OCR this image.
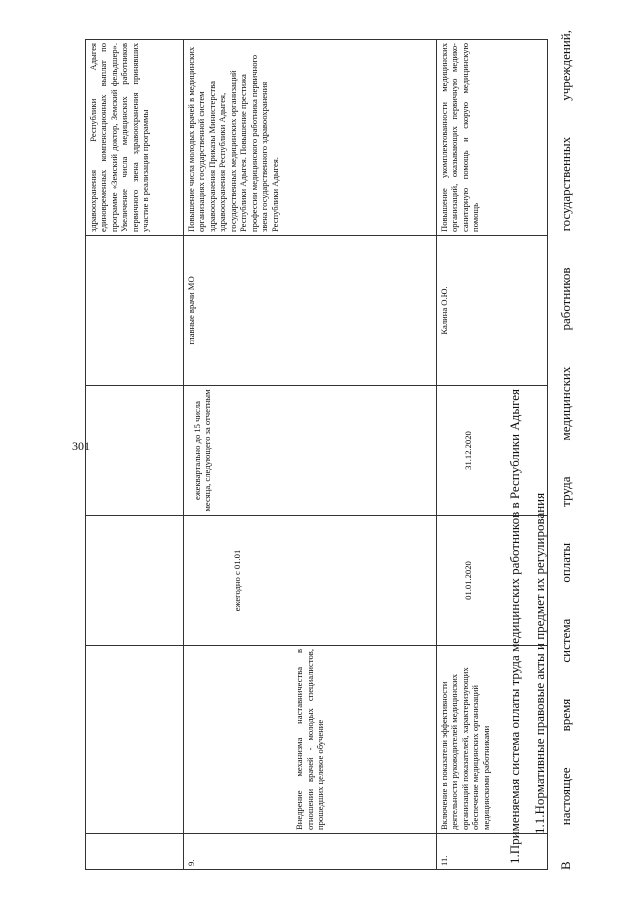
301
					здравоохранения Республики Адыгея единовременных компенсационных выплат по программе «Земский доктор, Земский фельдшер». Увеличение числа медицинских работников первичного звена здравоохранения принявших участие в реализации программы
9.	Внедрение механизма наставничества в отношении врачей - молодых специалистов, прошедших целевое обучение	ежегодно с 01.01	ежеквартально до 15 числа месяца, следующего за отчетным	главные врачи МО	Повышение числа молодых врачей в медицинских организациях государственной систем здравоохранения Приказы Министерства здравоохранения Республики Адыгея, государственных медицинских организаций Республики Адыгея. Повышение престижа профессии медицинского работника первичного звена государственного здравоохранения Республики Адыгея.
11.	Включение в показатели эффективности деятельности руководителей медицинских организаций показателей, характеризующих обеспечение медицинских организаций медицинскими работниками	01.01.2020	31.12.2020	Калина О.Ю.	Повышение укомплектованности медицинских организаций, оказывающих первичную медико-санитарную помощь и скорую медицинскую помощь
1.Применяемая система оплаты труда медицинских работников в Республики Адыгея 1.1.Нормативные правовые акты и предмет их регулирования В настоящее время система оплаты труда медицинских работников государственных учреждений,
